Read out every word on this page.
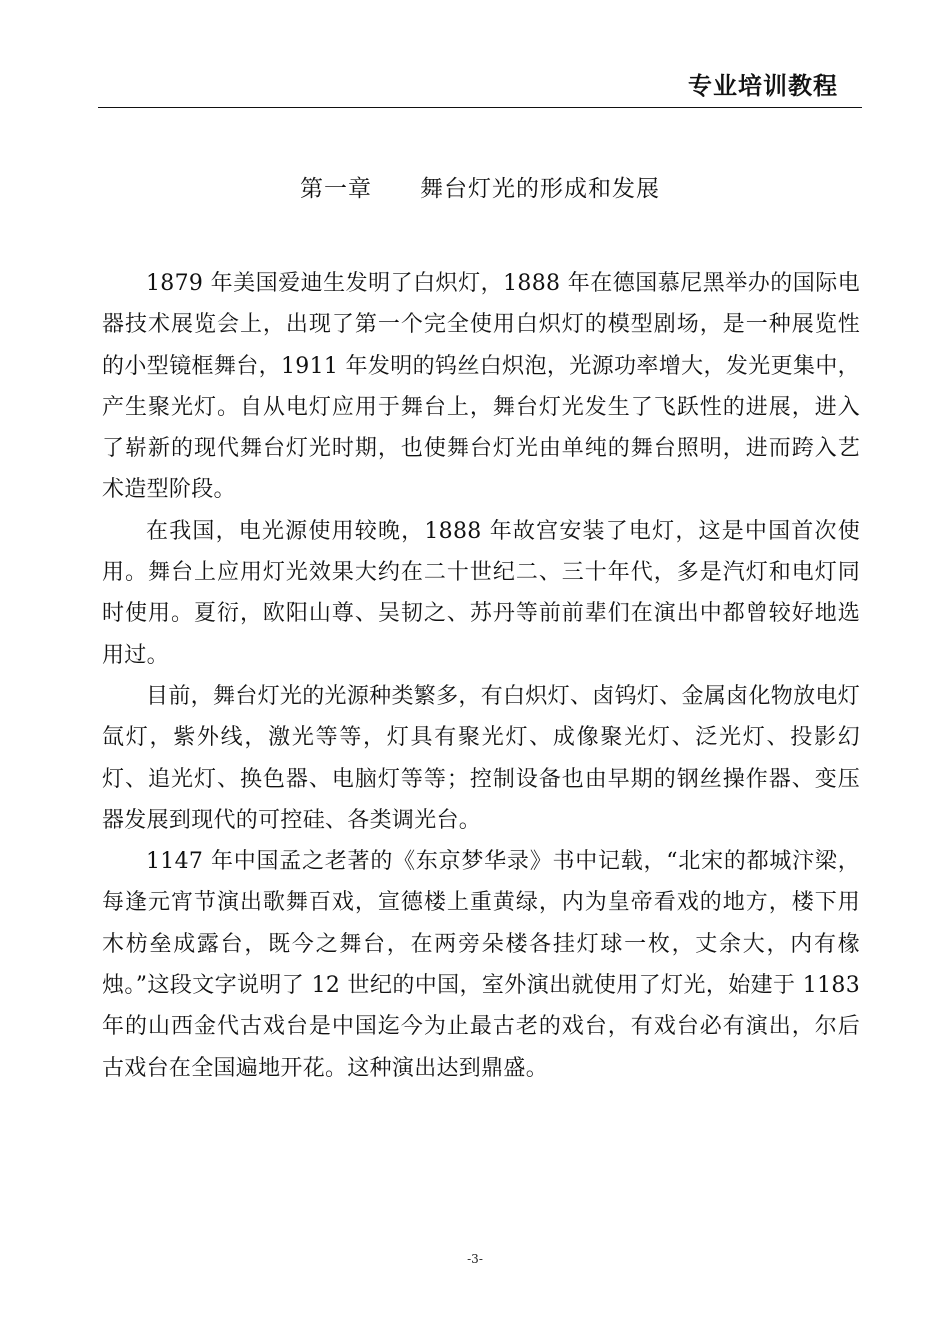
专业培训教程
第一章　　舞台灯光的形成和发展

1879 年美国爱迪生发明了白炽灯，1888 年在德国慕尼黑举办的国际电器技术展览会上，出现了第一个完全使用白炽灯的模型剧场，是一种展览性的小型镜框舞台，1911 年发明的钨丝白炽泡，光源功率增大，发光更集中，产生聚光灯。自从电灯应用于舞台上，舞台灯光发生了飞跃性的进展，进入了崭新的现代舞台灯光时期，也使舞台灯光由单纯的舞台照明，进而跨入艺术造型阶段。

在我国，电光源使用较晚，1888 年故宫安装了电灯，这是中国首次使用。舞台上应用灯光效果大约在二十世纪二、三十年代，多是汽灯和电灯同时使用。夏衍，欧阳山尊、吴韧之、苏丹等前前辈们在演出中都曾较好地选用过。

目前，舞台灯光的光源种类繁多，有白炽灯、卤钨灯、金属卤化物放电灯氙灯，紫外线，激光等等，灯具有聚光灯、成像聚光灯、泛光灯、投影幻灯、追光灯、换色器、电脑灯等等；控制设备也由早期的钢丝操作器、变压器发展到现代的可控硅、各类调光台。

1147 年中国孟之老著的《东京梦华录》书中记载，“北宋的都城汴梁，每逢元宵节演出歌舞百戏，宣德楼上重黄绿，内为皇帝看戏的地方，楼下用木枋垒成露台，既今之舞台，在两旁朵楼各挂灯球一枚，丈余大，内有椽烛。”这段文字说明了 12 世纪的中国，室外演出就使用了灯光，始建于 1183 年的山西金代古戏台是中国迄今为止最古老的戏台，有戏台必有演出，尔后古戏台在全国遍地开花。这种演出达到鼎盛。

-3-
